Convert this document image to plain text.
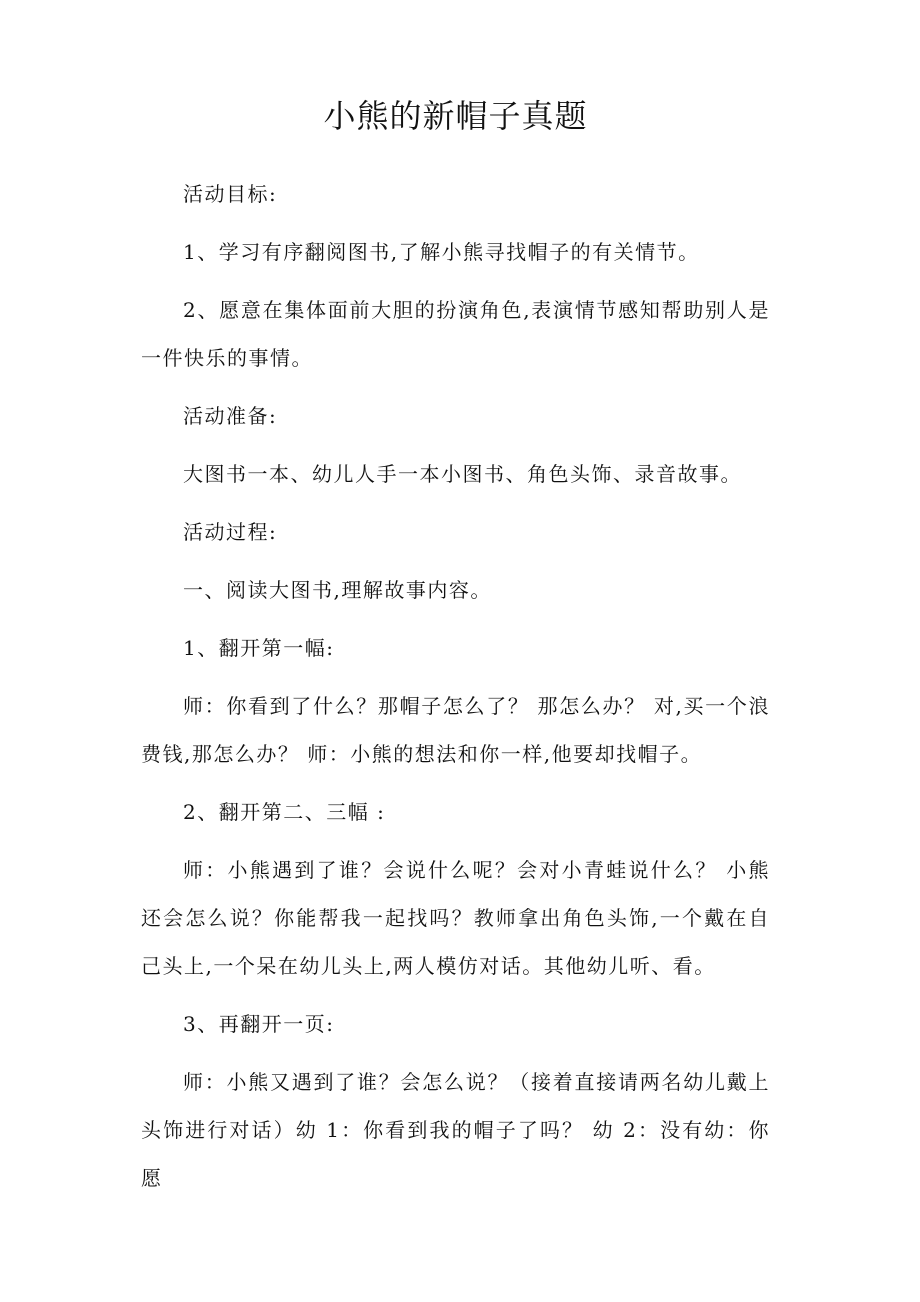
小熊的新帽子真题

活动目标:

1、学习有序翻阅图书,了解小熊寻找帽子的有关情节。

2、愿意在集体面前大胆的扮演角色,表演情节感知帮助别人是一件快乐的事情。

活动准备:

大图书一本、幼儿人手一本小图书、角色头饰、录音故事。

活动过程:

一、阅读大图书,理解故事内容。

1、翻开第一幅:

师：你看到了什么？那帽子怎么了？ 那怎么办？ 对,买一个浪费钱,那怎么办？ 师：小熊的想法和你一样,他要却找帽子。

2、翻开第二、三幅 :

师：小熊遇到了谁？会说什么呢？会对小青蛙说什么？ 小熊还会怎么说？你能帮我一起找吗？教师拿出角色头饰,一个戴在自己头上,一个呆在幼儿头上,两人模仿对话。其他幼儿听、看。

3、再翻开一页:

师：小熊又遇到了谁？会怎么说？（接着直接请两名幼儿戴上头饰进行对话）幼 1：你看到我的帽子了吗？ 幼 2：没有幼：你愿
